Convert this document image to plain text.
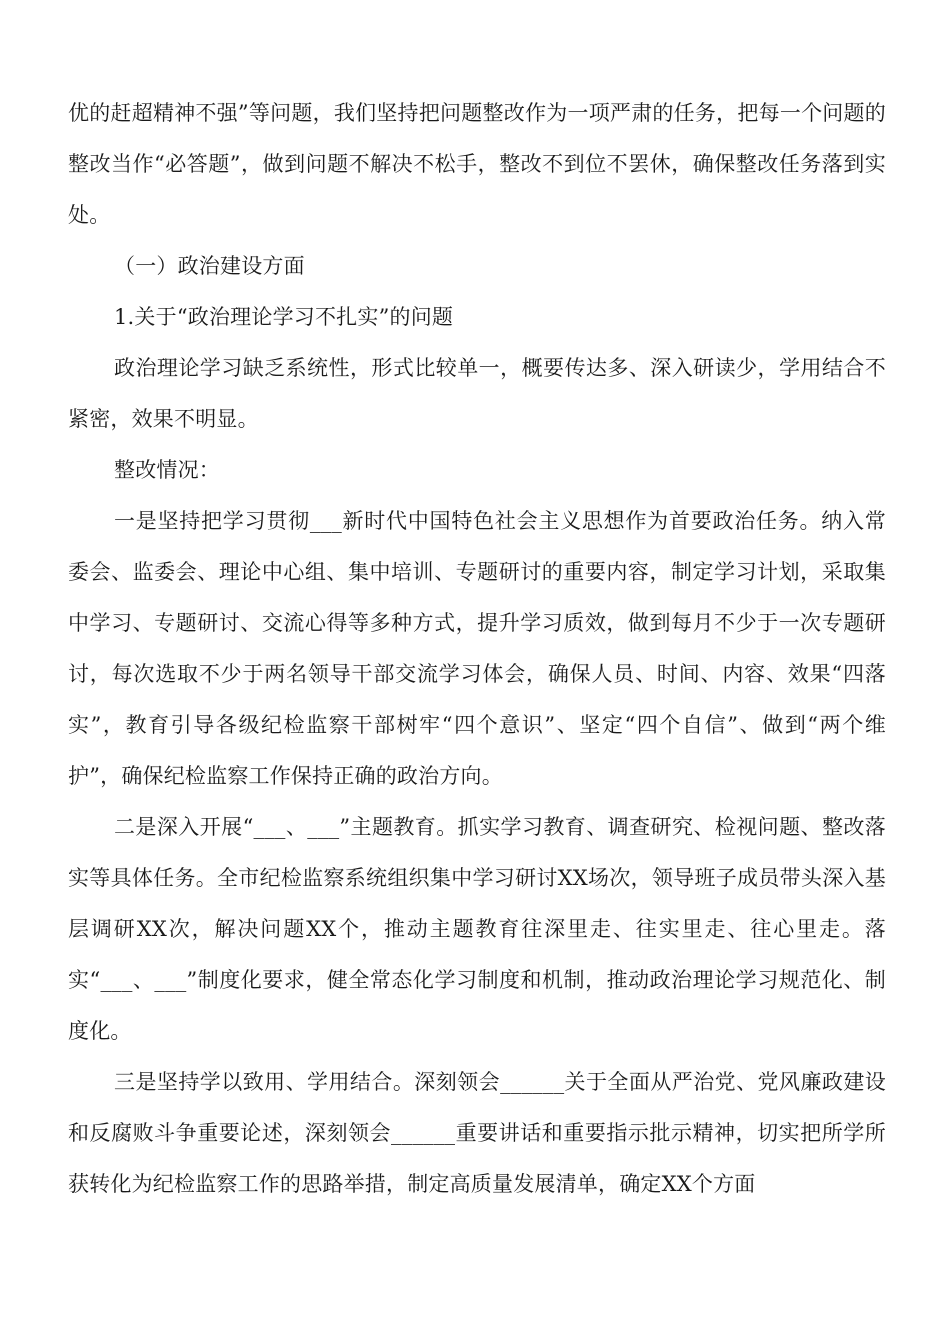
优的赶超精神不强”等问题，我们坚持把问题整改作为一项严肃的任务，把每一个问题的整改当作“必答题”，做到问题不解决不松手，整改不到位不罢休，确保整改任务落到实处。

（一）政治建设方面

1.关于“政治理论学习不扎实”的问题

政治理论学习缺乏系统性，形式比较单一，概要传达多、深入研读少，学用结合不紧密，效果不明显。

整改情况：

一是坚持把学习贯彻___新时代中国特色社会主义思想作为首要政治任务。纳入常委会、监委会、理论中心组、集中培训、专题研讨的重要内容，制定学习计划，采取集中学习、专题研讨、交流心得等多种方式，提升学习质效，做到每月不少于一次专题研讨，每次选取不少于两名领导干部交流学习体会，确保人员、时间、内容、效果“四落实”，教育引导各级纪检监察干部树牢“四个意识”、坚定“四个自信”、做到“两个维护”，确保纪检监察工作保持正确的政治方向。

二是深入开展“___、___”主题教育。抓实学习教育、调查研究、检视问题、整改落实等具体任务。全市纪检监察系统组织集中学习研讨XX场次，领导班子成员带头深入基层调研XX次，解决问题XX个，推动主题教育往深里走、往实里走、往心里走。落实“___、___”制度化要求，健全常态化学习制度和机制，推动政治理论学习规范化、制度化。

三是坚持学以致用、学用结合。深刻领会______关于全面从严治党、党风廉政建设和反腐败斗争重要论述，深刻领会______重要讲话和重要指示批示精神，切实把所学所获转化为纪检监察工作的思路举措，制定高质量发展清单，确定XX个方面
